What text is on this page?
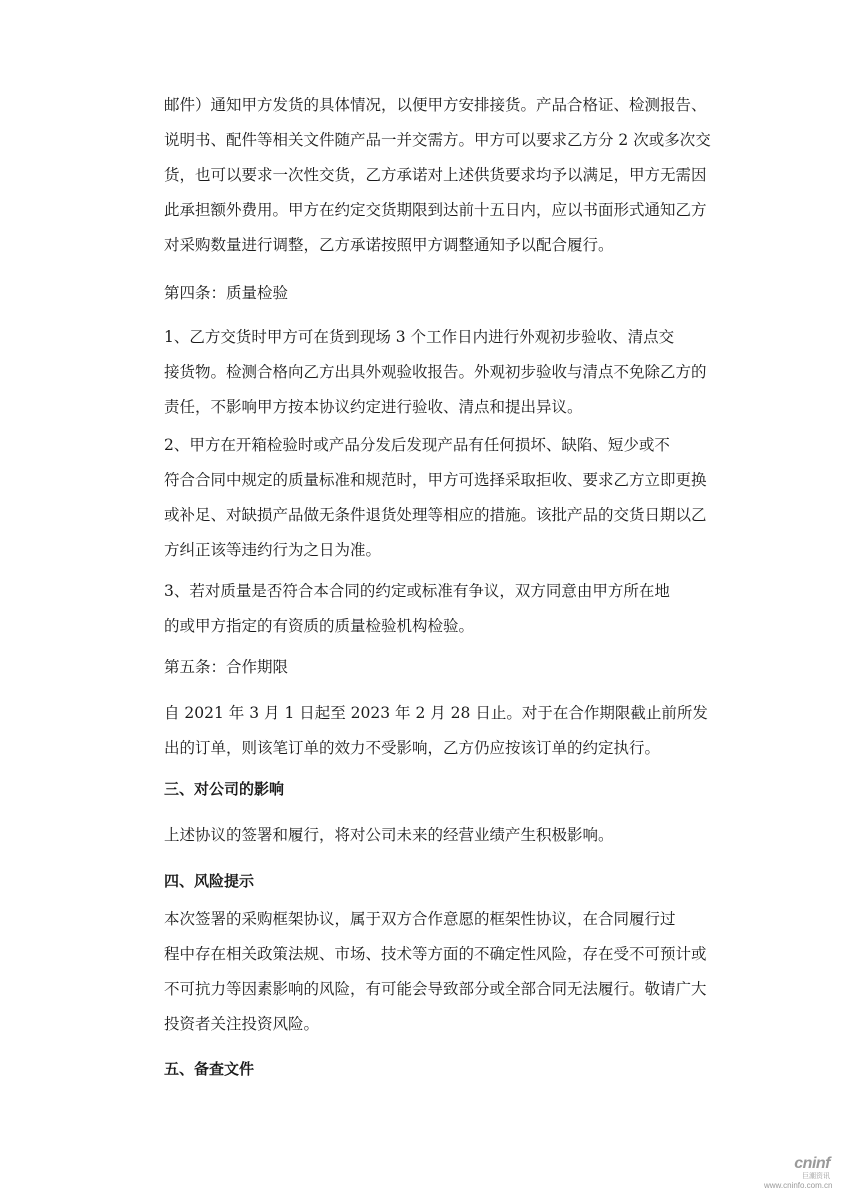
邮件）通知甲方发货的具体情况，以便甲方安排接货。产品合格证、检测报告、
说明书、配件等相关文件随产品一并交需方。甲方可以要求乙方分 2 次或多次交
货，也可以要求一次性交货，乙方承诺对上述供货要求均予以满足，甲方无需因
此承担额外费用。甲方在约定交货期限到达前十五日内，应以书面形式通知乙方
对采购数量进行调整，乙方承诺按照甲方调整通知予以配合履行。
第四条：质量检验
1、乙方交货时甲方可在货到现场 3 个工作日内进行外观初步验收、清点交
接货物。检测合格向乙方出具外观验收报告。外观初步验收与清点不免除乙方的
责任，不影响甲方按本协议约定进行验收、清点和提出异议。
2、甲方在开箱检验时或产品分发后发现产品有任何损坏、缺陷、短少或不
符合合同中规定的质量标准和规范时，甲方可选择采取拒收、要求乙方立即更换
或补足、对缺损产品做无条件退货处理等相应的措施。该批产品的交货日期以乙
方纠正该等违约行为之日为准。
3、若对质量是否符合本合同的约定或标准有争议，双方同意由甲方所在地
的或甲方指定的有资质的质量检验机构检验。
第五条：合作期限
自 2021 年 3 月 1 日起至 2023 年 2 月 28 日止。对于在合作期限截止前所发
出的订单，则该笔订单的效力不受影响，乙方仍应按该订单的约定执行。
三、对公司的影响
上述协议的签署和履行，将对公司未来的经营业绩产生积极影响。
四、风险提示
本次签署的采购框架协议，属于双方合作意愿的框架性协议，在合同履行过
程中存在相关政策法规、市场、技术等方面的不确定性风险，存在受不可预计或
不可抗力等因素影响的风险，有可能会导致部分或全部合同无法履行。敬请广大
投资者关注投资风险。
五、备查文件
cninf
巨潮资讯
www.cninfo.com.cn
